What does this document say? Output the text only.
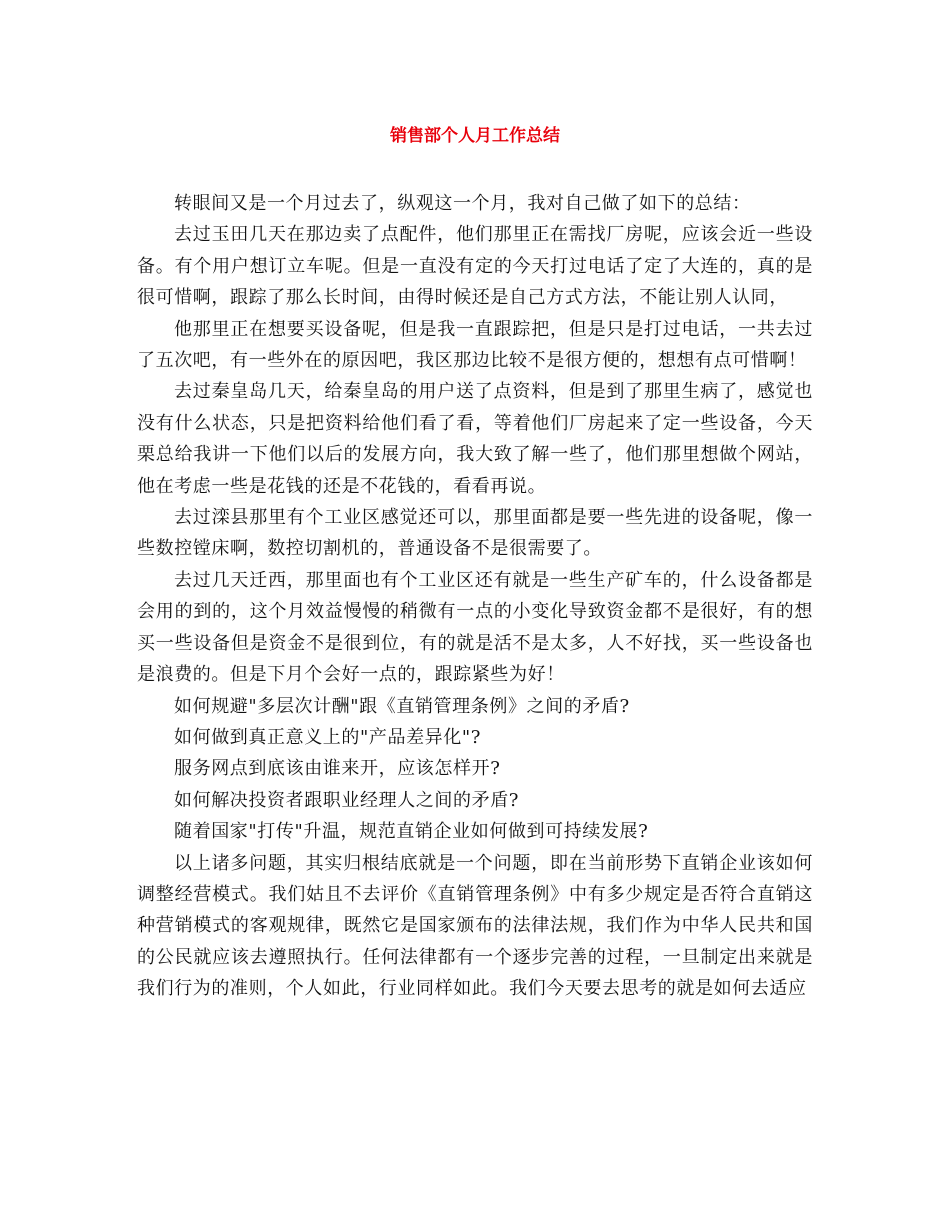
销售部个人月工作总结

转眼间又是一个月过去了，纵观这一个月，我对自己做了如下的总结：

去过玉田几天在那边卖了点配件，他们那里正在需找厂房呢，应该会近一些设备。有个用户想订立车呢。但是一直没有定的今天打过电话了定了大连的，真的是很可惜啊，跟踪了那么长时间，由得时候还是自己方式方法，不能让别人认同，

他那里正在想要买设备呢，但是我一直跟踪把，但是只是打过电话，一共去过了五次吧，有一些外在的原因吧，我区那边比较不是很方便的，想想有点可惜啊！

去过秦皇岛几天，给秦皇岛的用户送了点资料，但是到了那里生病了，感觉也没有什么状态，只是把资料给他们看了看，等着他们厂房起来了定一些设备，今天栗总给我讲一下他们以后的发展方向，我大致了解一些了，他们那里想做个网站，他在考虑一些是花钱的还是不花钱的，看看再说。

去过滦县那里有个工业区感觉还可以，那里面都是要一些先进的设备呢，像一些数控镗床啊，数控切割机的，普通设备不是很需要了。

去过几天迁西，那里面也有个工业区还有就是一些生产矿车的，什么设备都是会用的到的，这个月效益慢慢的稍微有一点的小变化导致资金都不是很好，有的想买一些设备但是资金不是很到位，有的就是活不是太多，人不好找，买一些设备也是浪费的。但是下月个会好一点的，跟踪紧些为好！

如何规避"多层次计酬"跟《直销管理条例》之间的矛盾?

如何做到真正意义上的"产品差异化"?

服务网点到底该由谁来开，应该怎样开?

如何解决投资者跟职业经理人之间的矛盾?

随着国家"打传"升温，规范直销企业如何做到可持续发展?

以上诸多问题，其实归根结底就是一个问题，即在当前形势下直销企业该如何调整经营模式。我们姑且不去评价《直销管理条例》中有多少规定是否符合直销这种营销模式的客观规律，既然它是国家颁布的法律法规，我们作为中华人民共和国的公民就应该去遵照执行。任何法律都有一个逐步完善的过程，一旦制定出来就是我们行为的准则，个人如此，行业同样如此。我们今天要去思考的就是如何去适应
